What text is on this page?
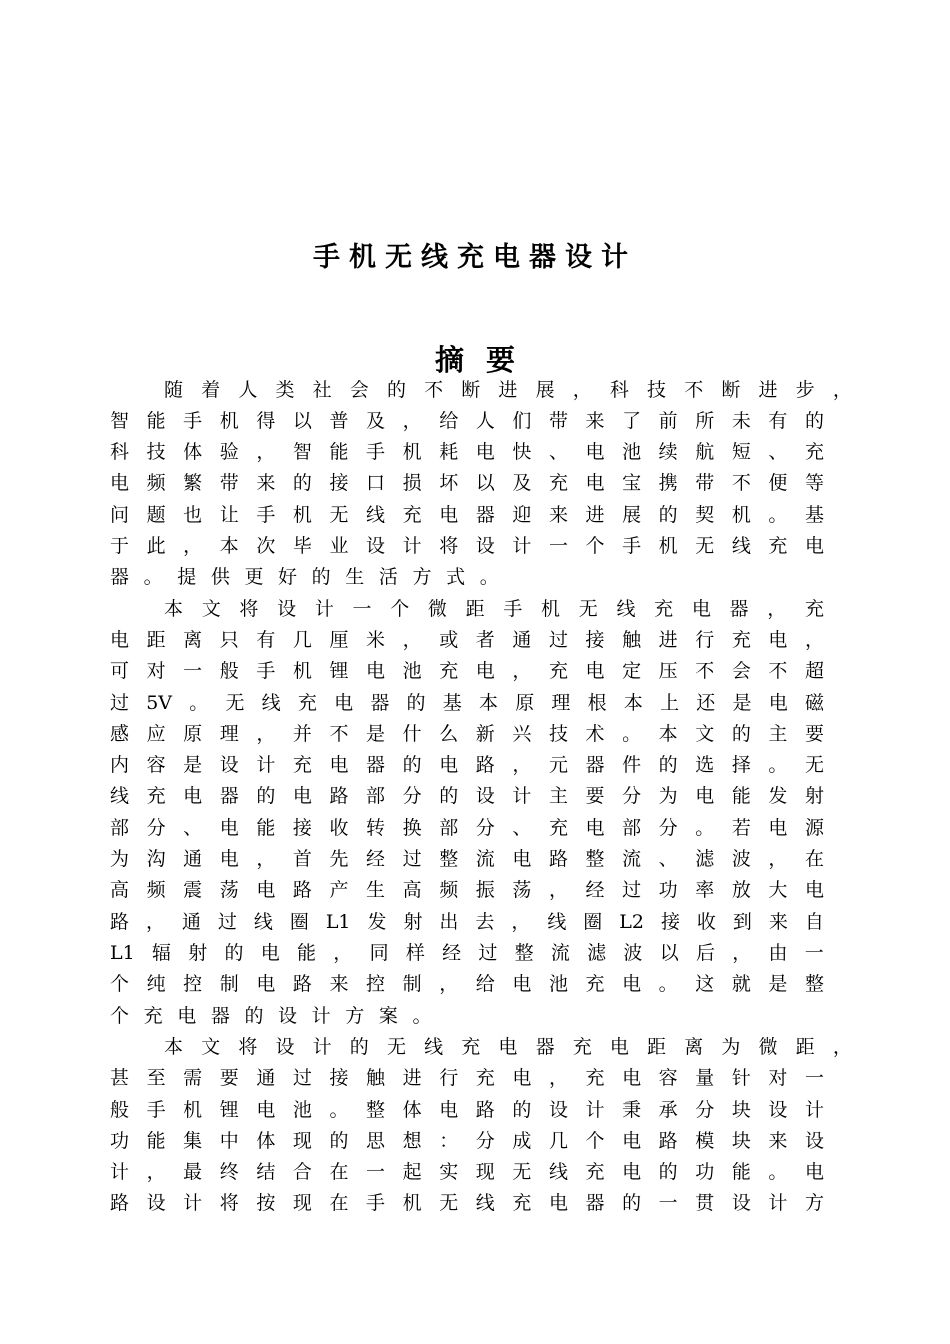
手机无线充电器设计
摘要
随 着 人 类 社 会 的 不 断 进 展 ， 科 技 不 断 进 步 ，
智 能 手 机 得 以 普 及 ， 给 人 们 带 来 了 前 所 未 有 的
科 技 体 验 ， 智 能 手 机 耗 电 快 、 电 池 续 航 短 、 充
电 频 繁 带 来 的 接 口 损 坏 以 及 充 电 宝 携 带 不 便 等
问 题 也 让 手 机 无 线 充 电 器 迎 来 进 展 的 契 机 。 基
于 此 ， 本 次 毕 业 设 计 将 设 计 一 个 手 机 无 线 充 电
器 。 提 供 更 好 的 生 活 方 式 。
本 文 将 设 计 一 个 微 距 手 机 无 线 充 电 器 ， 充
电 距 离 只 有 几 厘 米 ， 或 者 通 过 接 触 进 行 充 电 ，
可 对 一 般 手 机 锂 电 池 充 电 ， 充 电 定 压 不 会 不 超
过 5V 。 无 线 充 电 器 的 基 本 原 理 根 本 上 还 是 电 磁
感 应 原 理 ， 并 不 是 什 么 新 兴 技 术 。 本 文 的 主 要
内 容 是 设 计 充 电 器 的 电 路 ， 元 器 件 的 选 择 。 无
线 充 电 器 的 电 路 部 分 的 设 计 主 要 分 为 电 能 发 射
部 分 、 电 能 接 收 转 换 部 分 、 充 电 部 分 。 若 电 源
为 沟 通 电 ， 首 先 经 过 整 流 电 路 整 流 、 滤 波 ， 在
高 频 震 荡 电 路 产 生 高 频 振 荡 ， 经 过 功 率 放 大 电
路 ， 通 过 线 圈 L1 发 射 出 去 ， 线 圈 L2 接 收 到 来 自
L1 辐 射 的 电 能 ， 同 样 经 过 整 流 滤 波 以 后 ， 由 一
个 纯 控 制 电 路 来 控 制 ， 给 电 池 充 电 。 这 就 是 整
个 充 电 器 的 设 计 方 案 。
本 文 将 设 计 的 无 线 充 电 器 充 电 距 离 为 微 距 ，
甚 至 需 要 通 过 接 触 进 行 充 电 ， 充 电 容 量 针 对 一
般 手 机 锂 电 池 。 整 体 电 路 的 设 计 秉 承 分 块 设 计
功 能 集 中 体 现 的 思 想 ： 分 成 几 个 电 路 模 块 来 设
计 ， 最 终 结 合 在 一 起 实 现 无 线 充 电 的 功 能 。 电
路 设 计 将 按 现 在 手 机 无 线 充 电 器 的 一 贯 设 计 方
